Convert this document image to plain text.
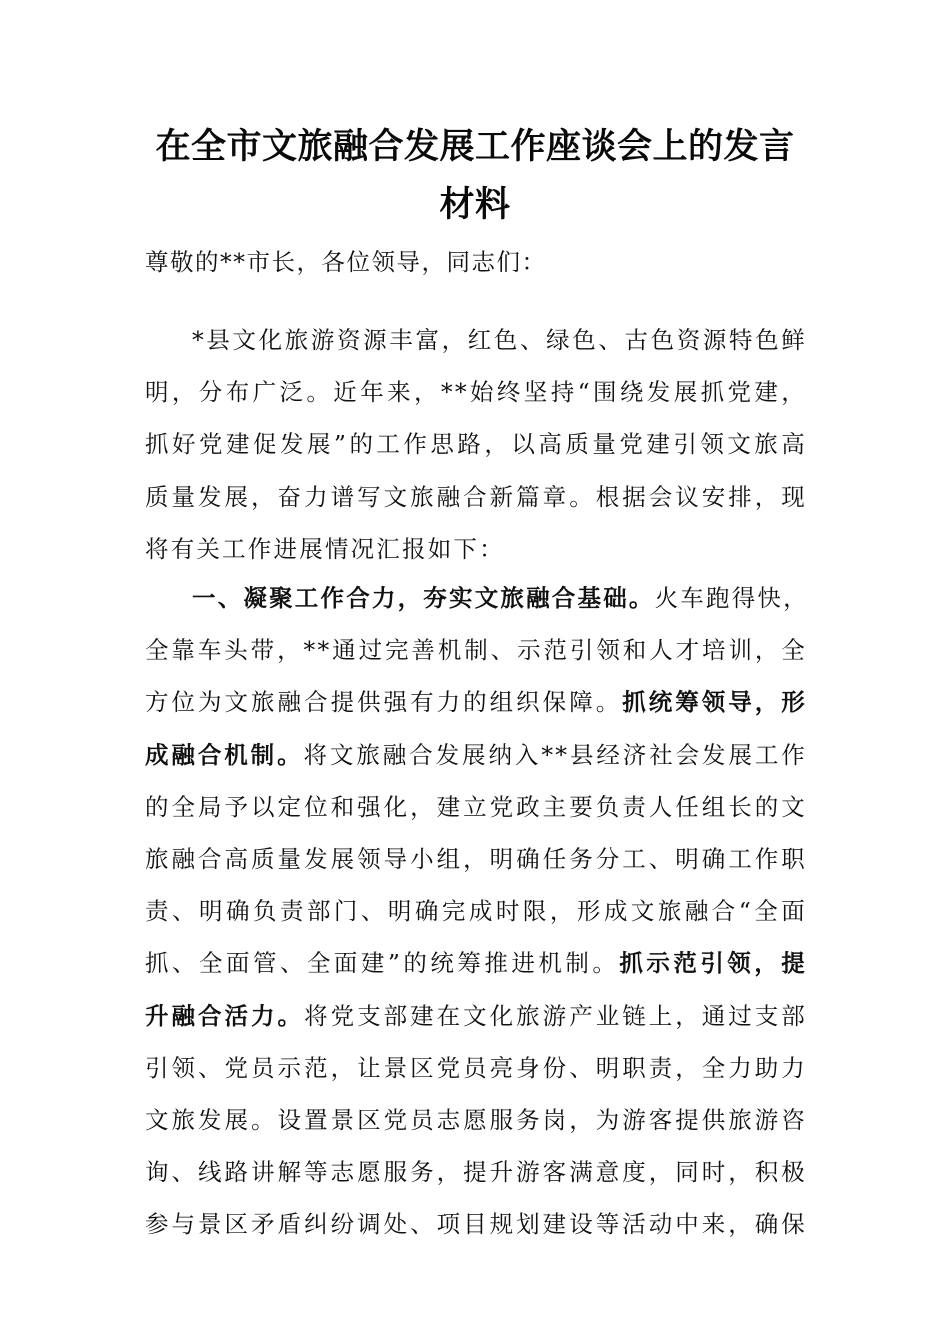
在全市文旅融合发展工作座谈会上的发言
材料
尊敬的**市长，各位领导，同志们：
*县文化旅游资源丰富，红色、绿色、古色资源特色鲜
明，分布广泛。近年来，**始终坚持“围绕发展抓党建，
抓好党建促发展”的工作思路，以高质量党建引领文旅高
质量发展，奋力谱写文旅融合新篇章。根据会议安排，现
将有关工作进展情况汇报如下：
一、凝聚工作合力，夯实文旅融合基础。火车跑得快，
全靠车头带，**通过完善机制、示范引领和人才培训，全
方位为文旅融合提供强有力的组织保障。抓统筹领导，形
成融合机制。将文旅融合发展纳入**县经济社会发展工作
的全局予以定位和强化，建立党政主要负责人任组长的文
旅融合高质量发展领导小组，明确任务分工、明确工作职
责、明确负责部门、明确完成时限，形成文旅融合“全面
抓、全面管、全面建”的统筹推进机制。抓示范引领，提
升融合活力。将党支部建在文化旅游产业链上，通过支部
引领、党员示范，让景区党员亮身份、明职责，全力助力
文旅发展。设置景区党员志愿服务岗，为游客提供旅游咨
询、线路讲解等志愿服务，提升游客满意度，同时，积极
参与景区矛盾纠纷调处、项目规划建设等活动中来，确保
